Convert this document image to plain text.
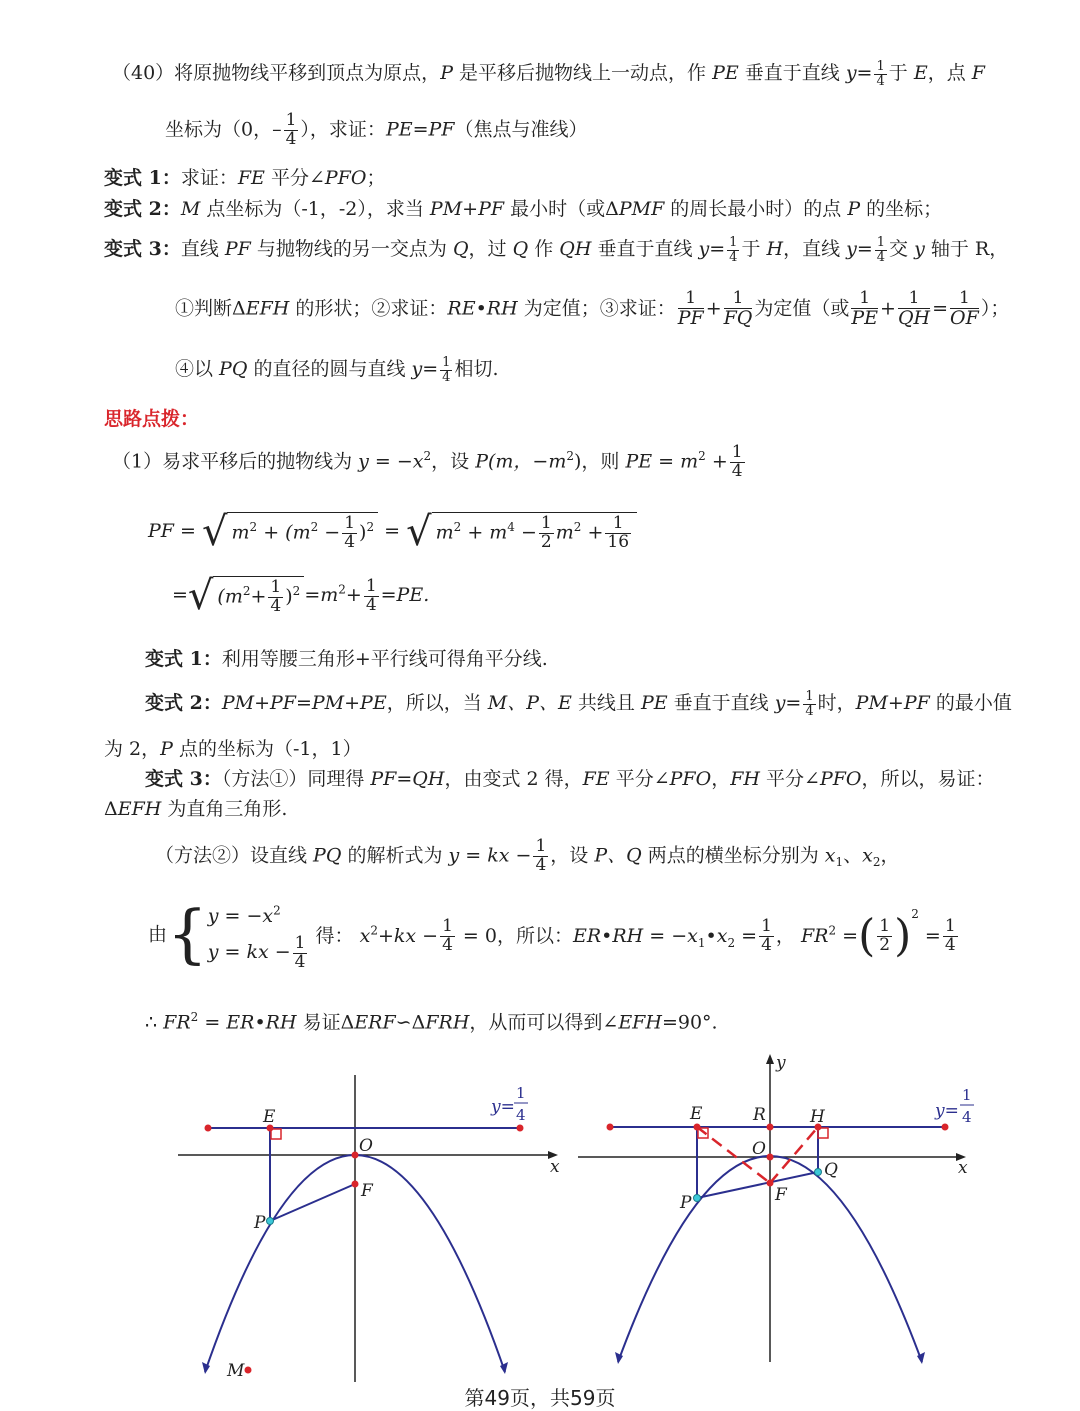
（40）将原抛物线平移到顶点为原点，P 是平移后抛物线上一动点，作 PE 垂直于直线 $y= \frac{1}{4}$ 于 E，点 F
坐标为（0，– $\frac{1}{4}$ ），求证：PE=PF（焦点与准线）
变式 1：求证：FE 平分∠PFO；
变式 2：M 点坐标为（-1，-2），求当 PM+PF 最小时（或ΔPMF 的周长最小时）的点 P 的坐标；
变式 3：直线 PF 与抛物线的另一交点为 Q，过 Q 作 QH 垂直于直线 $y= \frac{1}{4}$ 于 H，直线 $y= \frac{1}{4}$ 交 y 轴于 R，
①判断ΔEFH 的形状；②求证：RE•RH 为定值；③求证： $\frac{1}{PF} + \frac{1}{FQ}$ 为定值（或 $\frac{1}{PE} + \frac{1}{QH} = \frac{1}{OF}$ ）；
④以 PQ 的直径的圆与直线 $y= \frac{1}{4}$ 相切.
思路点拨：
（1）易求平移后的抛物线为 $y = -x^2$，设 P(m，$-m^2$)，则 PE = $m^2 + \frac{1}{4}$
PF = √ $m^2 + (m^2 - \frac{1}{4} )^2$ = √ $m^2 + m^4 - \frac{1}{2} m^2 + \frac{1}{16}$
=√ $(m^2+ \frac{1}{4} )^2 =m^2+ \frac{1}{4} =PE$.
变式 1：利用等腰三角形+平行线可得角平分线.
变式 2：PM+PF=PM+PE，所以，当 M、P、E 共线且 PE 垂直于直线 $y= \frac{1}{4}$ 时，PM+PF 的最小值
为 2，P 点的坐标为（-1，1）
变式 3：（方法①）同理得 PF=QH，由变式 2 得，FE 平分∠PFO，FH 平分∠PFO，所以，易证：
ΔEFH 为直角三角形.
（方法②）设直线 PQ 的解析式为 y = kx − $\frac{1}{4}$ ，设 P、Q 两点的横坐标分别为 $x_1$、$x_2$，
由{ $y = -x^2$
y = kx − $\frac{1}{4}$ 得： $x^2+kx - \frac{1}{4} = 0$，所以：ER•RH = $-x_1•x_2 = \frac{1}{4}$ ， $FR^2$ =( $\frac{1}{2} )^2 = \frac{1}{4}$
∴ $FR^2$ = ER•RH 易证ΔERF∽ΔFRH，从而可以得到∠EFH=90°.
E
O
F
P
M
x
y=
1
4	E	R	H
O
F
P
Q	x
y
y=
1
4
第49页，共59页
